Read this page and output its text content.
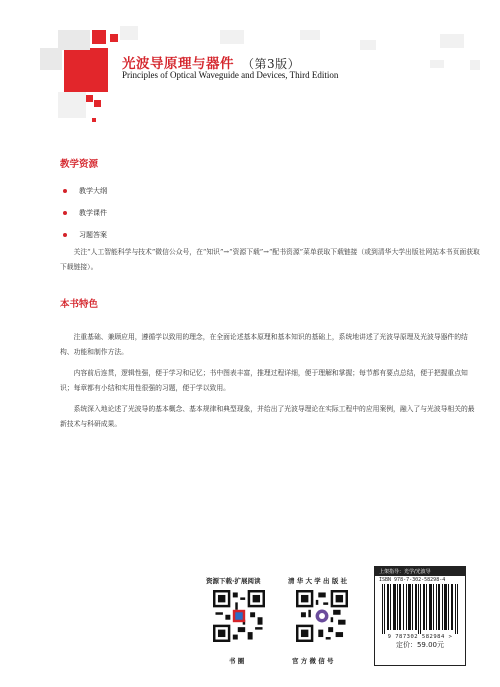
光波导原理与器件 （第3版）
Principles of Optical Waveguide and Devices, Third Edition
教学资源
教学大纲
教学课件
习题答案
关注“人工智能科学与技术”微信公众号，在“知识”→“资源下载”→“配书资源”菜单获取下载链接（或到清华大学出版社网站本书页面获取下载链接）。
本书特色
注重基础、兼顾应用，遵循学以致用的理念，在全面论述基本原理和基本知识的基础上，系统地讲述了光波导原理及光波导器件的结构、功能和制作方法。
内容前后连贯，逻辑性强，便于学习和记忆；书中图表丰富，推理过程详细，便于理解和掌握；每节都有要点总结，便于把握重点知识；每章都有小结和实用性很强的习题，便于学以致用。
系统深入地论述了光波导的基本概念、基本规律和典型现象，并给出了光波导理论在实际工程中的应用案例，融入了与光波导相关的最新技术与科研成果。
资源下载·扩展阅读	清 华 大 学 出 版 社
书 圈	官 方 微 信 号
上架指导：光学/光波导
ISBN 978-7-302-58298-4
9 787302 582984 >
定价：59.00元
